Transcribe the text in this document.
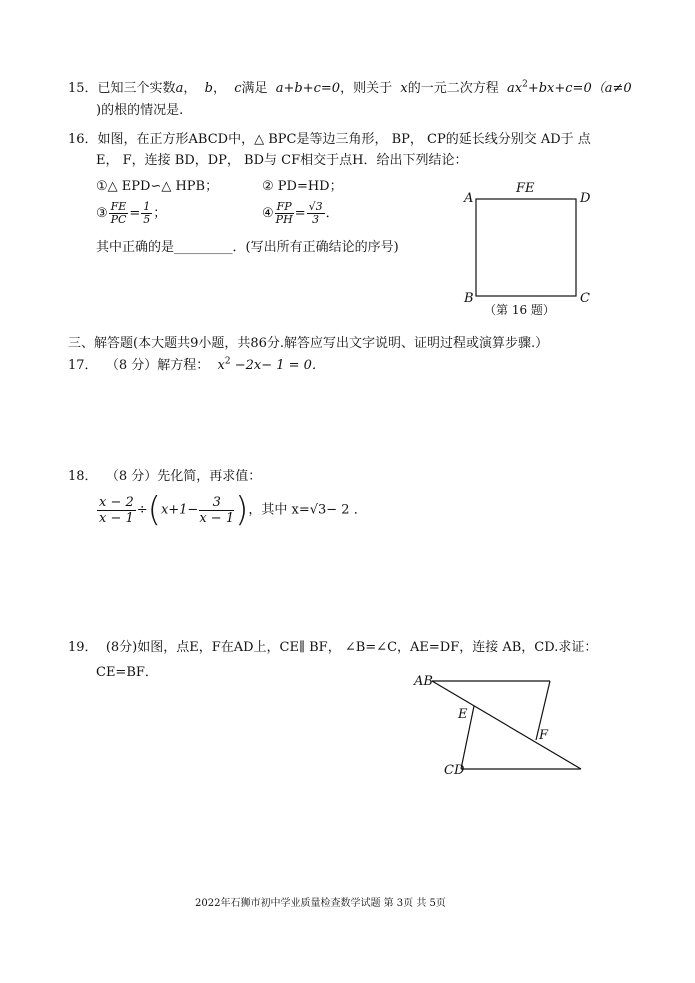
15．已知三个实数a， b， c满足 a+b+c=0，则关于 x的一元二次方程 $ax^2+bx+c=0(a\ne 0$
)的根的情况是.
16．如图，在正方形ABCD中，△ BPC是等边三角形， BP， CP的延长线分别交 AD于 点
E， F，连接 BD，DP， BD与 CF相交于点H．给出下列结论：
①△ EPD∽△ HPB；	② PD=HD；
③ $\frac{FE}{PC} = \frac{1}{5}$ ；	④ $\frac{FP}{PH} = \frac{√3}{3}$ ．
其中正确的是_________．(写出所有正确结论的序号)
A
FE
D
B	C
（第 16 题）
三、解答题(本大题共9小题，共86分.解答应写出文字说明、证明过程或演算步骤.）
17． （8 分）解方程： $x^2 -2x- 1 = 0$．
18． （8 分）先化简，再求值：
$\frac{x - 2}{x - 1} \div(x+1- \frac{3}{x - 1}$ )，其中 x=√3− 2 ．
19． (8分)如图，点E，F在AD上，CE∥ BF， ∠B=∠C，AE=DF，连接 AB，CD.求证：
CE=BF．
AB
E
F
CD
2022年石狮市初中学业质量检查数学试题 第 3页 共 5页
